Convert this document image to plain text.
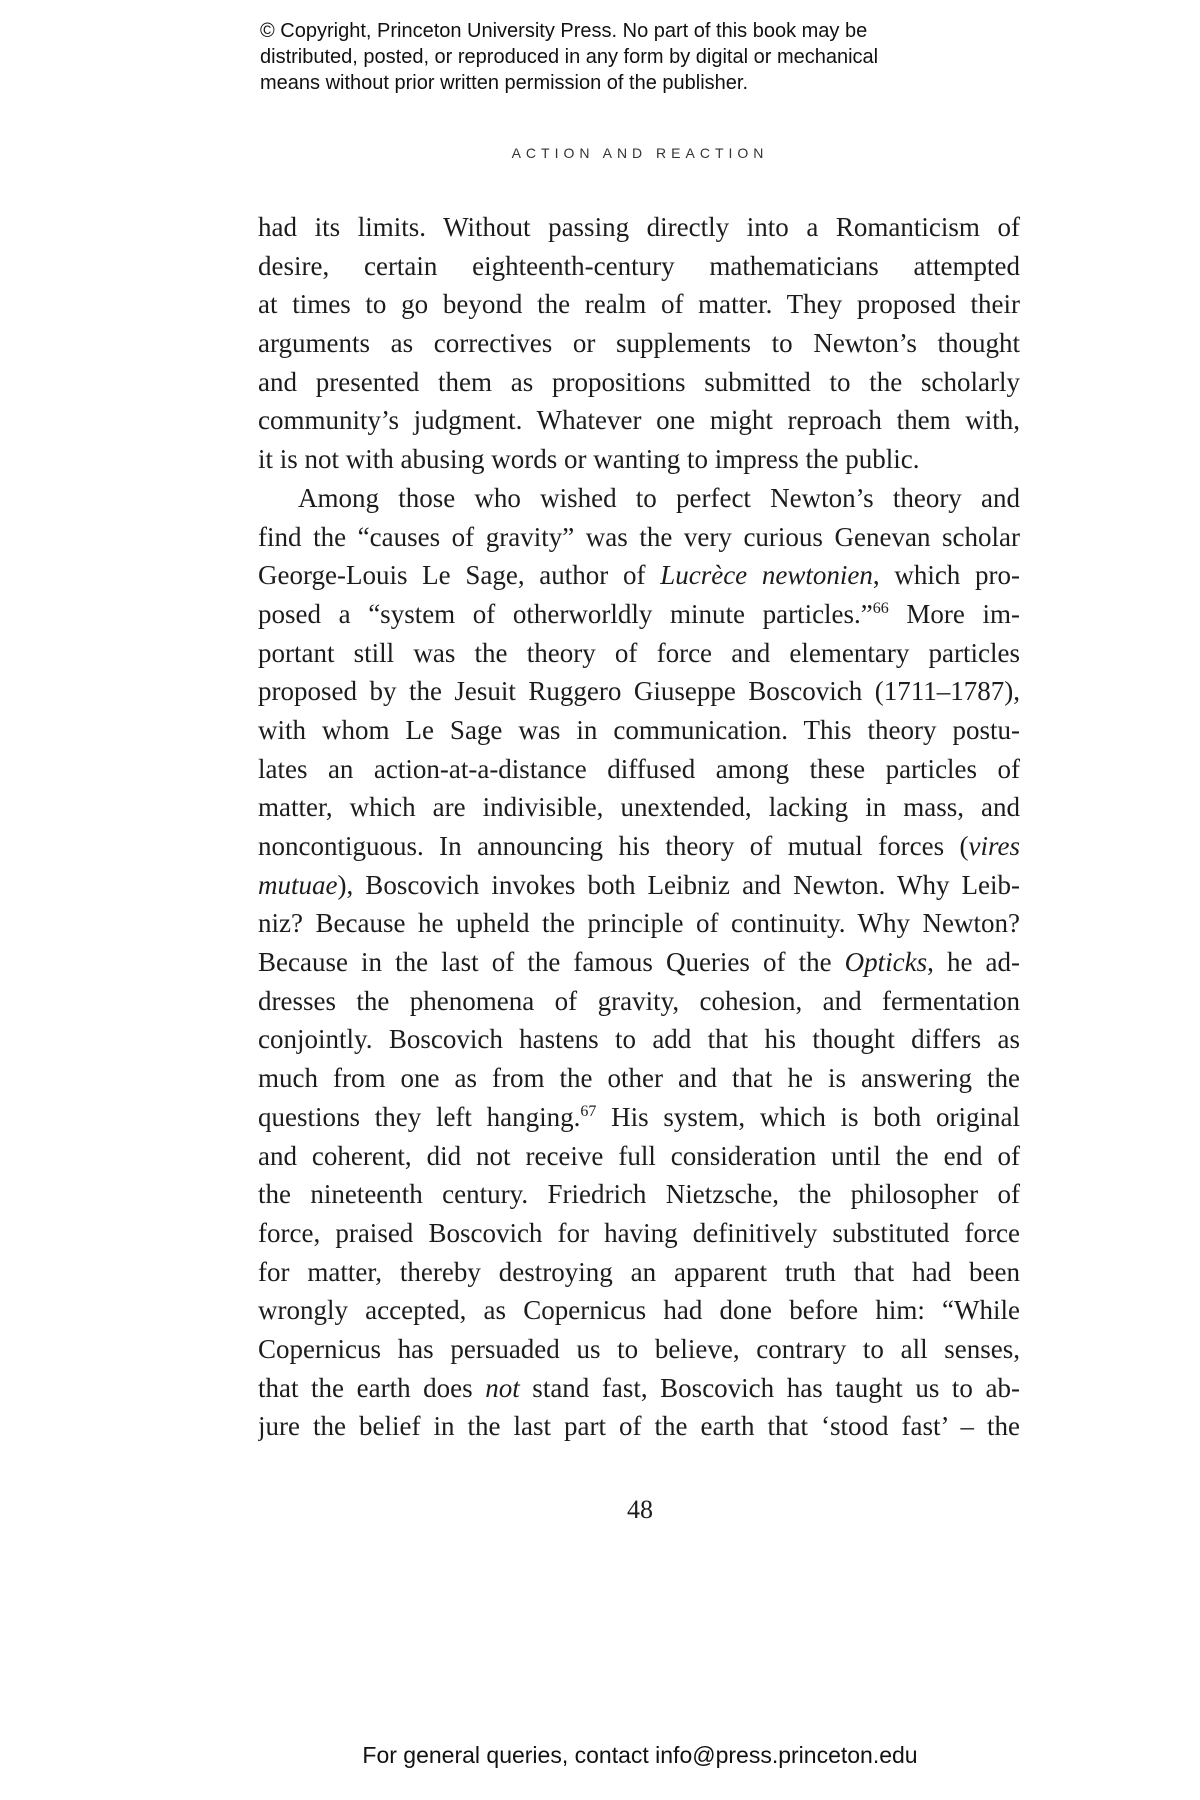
© Copyright, Princeton University Press. No part of this book may be
distributed, posted, or reproduced in any form by digital or mechanical
means without prior written permission of the publisher.
ACTION AND REACTION
had its limits. Without passing directly into a Romanticism of
desire, certain eighteenth-century mathematicians attempted
at times to go beyond the realm of matter. They proposed their
arguments as correctives or supplements to Newton’s thought
and presented them as propositions submitted to the scholarly
community’s judgment. Whatever one might reproach them with,
it is not with abusing words or wanting to impress the public.
Among those who wished to perfect Newton’s theory and
find the “causes of gravity” was the very curious Genevan scholar
George-Louis Le Sage, author of Lucrèce newtonien, which pro-
posed a “system of otherworldly minute particles.”$^{66}$ More im-
portant still was the theory of force and elementary particles
proposed by the Jesuit Ruggero Giuseppe Boscovich (1711–1787),
with whom Le Sage was in communication. This theory postu-
lates an action-at-a-distance diffused among these particles of
matter, which are indivisible, unextended, lacking in mass, and
noncontiguous. In announcing his theory of mutual forces (vires
mutuae), Boscovich invokes both Leibniz and Newton. Why Leib-
niz? Because he upheld the principle of continuity. Why Newton?
Because in the last of the famous Queries of the Opticks, he ad-
dresses the phenomena of gravity, cohesion, and fermentation
conjointly. Boscovich hastens to add that his thought differs as
much from one as from the other and that he is answering the
questions they left hanging.$^{67}$ His system, which is both original
and coherent, did not receive full consideration until the end of
the nineteenth century. Friedrich Nietzsche, the philosopher of
force, praised Boscovich for having definitively substituted force
for matter, thereby destroying an apparent truth that had been
wrongly accepted, as Copernicus had done before him: “While
Copernicus has persuaded us to believe, contrary to all senses,
that the earth does not stand fast, Boscovich has taught us to ab-
jure the belief in the last part of the earth that ‘stood fast’ – the
48
For general queries, contact info@press.princeton.edu
